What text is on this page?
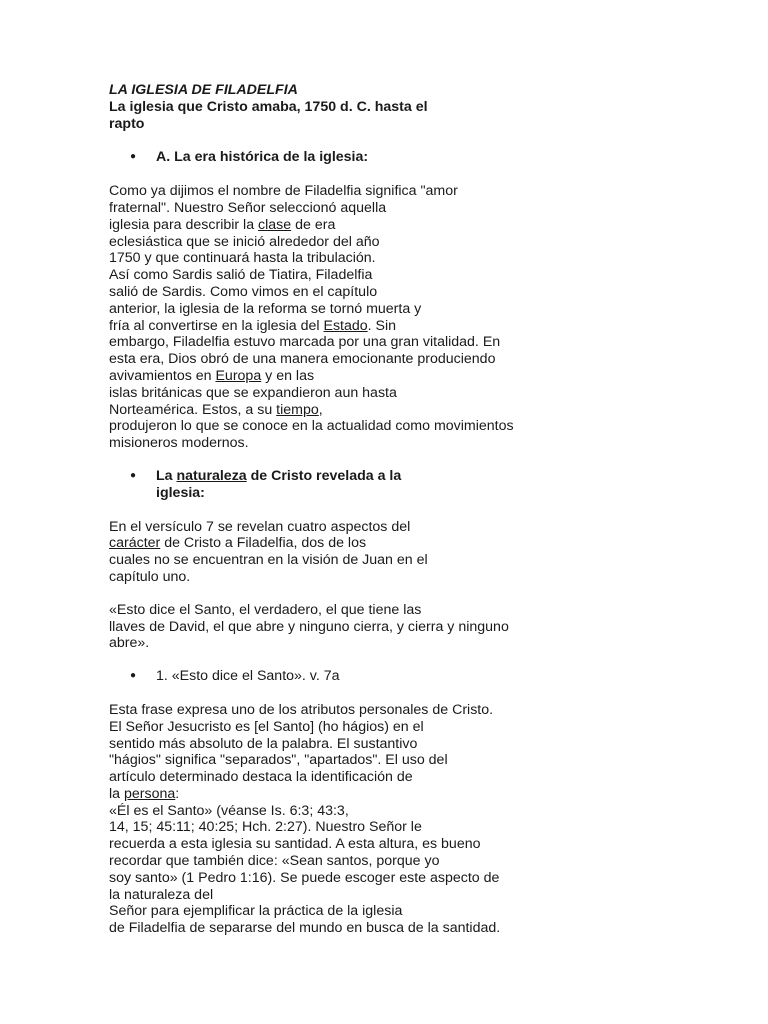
LA IGLESIA DE FILADELFIA
La iglesia que Cristo amaba, 1750 d. C. hasta el
rapto
● A. La era histórica de la iglesia:
Como ya dijimos el nombre de Filadelfia significa "amor
fraternal". Nuestro Señor seleccionó aquella
iglesia para describir la clase de era
eclesiástica que se inició alrededor del año
1750 y que continuará hasta la tribulación.
Así como Sardis salió de Tiatira, Filadelfia
salió de Sardis. Como vimos en el capítulo
anterior, la iglesia de la reforma se tornó muerta y
fría al convertirse en la iglesia del Estado. Sin
embargo, Filadelfia estuvo marcada por una gran vitalidad. En
esta era, Dios obró de una manera emocionante produciendo
avivamientos en Europa y en las
islas británicas que se expandieron aun hasta
Norteamérica. Estos, a su tiempo,
produjeron lo que se conoce en la actualidad como movimientos
misioneros modernos.
● La naturaleza de Cristo revelada a la
iglesia:
En el versículo 7 se revelan cuatro aspectos del
carácter de Cristo a Filadelfia, dos de los
cuales no se encuentran en la visión de Juan en el
capítulo uno.
«Esto dice el Santo, el verdadero, el que tiene las
llaves de David, el que abre y ninguno cierra, y cierra y ninguno
abre».
● 1. «Esto dice el Santo». v. 7a
Esta frase expresa uno de los atributos personales de Cristo.
El Señor Jesucristo es [el Santo] (ho hágios) en el
sentido más absoluto de la palabra. El sustantivo
"hágios" significa "separados", "apartados". El uso del
artículo determinado destaca la identificación de
la persona:
«Él es el Santo» (véanse Is. 6:3; 43:3,
14, 15; 45:11; 40:25; Hch. 2:27). Nuestro Señor le
recuerda a esta iglesia su santidad. A esta altura, es bueno
recordar que también dice: «Sean santos, porque yo
soy santo» (1 Pedro 1:16). Se puede escoger este aspecto de
la naturaleza del
Señor para ejemplificar la práctica de la iglesia
de Filadelfia de separarse del mundo en busca de la santidad.
